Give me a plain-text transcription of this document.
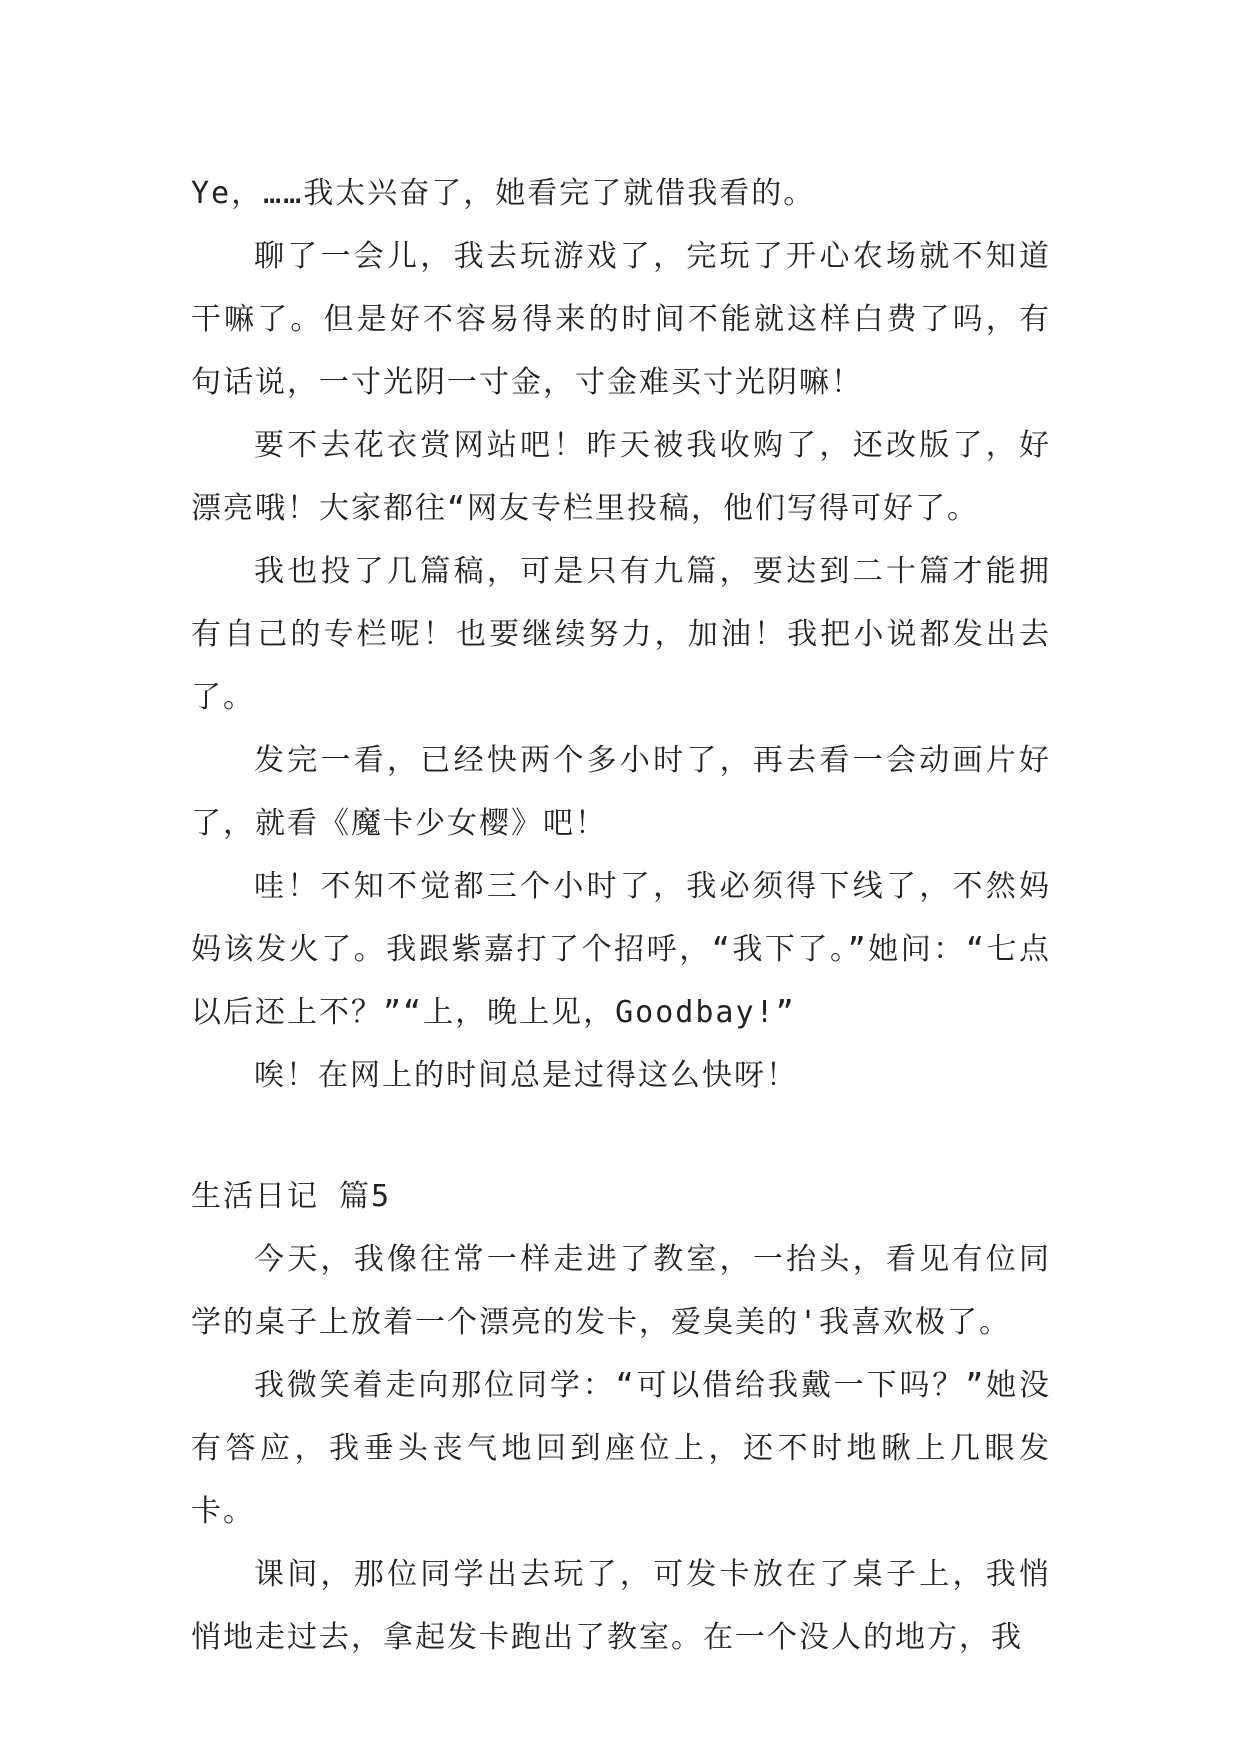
Ye，……我太兴奋了，她看完了就借我看的。

聊了一会儿，我去玩游戏了，完玩了开心农场就不知道干嘛了。但是好不容易得来的时间不能就这样白费了吗，有句话说，一寸光阴一寸金，寸金难买寸光阴嘛！

要不去花衣赏网站吧！昨天被我收购了，还改版了，好漂亮哦！大家都往“网友专栏里投稿，他们写得可好了。

我也投了几篇稿，可是只有九篇，要达到二十篇才能拥有自己的专栏呢！也要继续努力，加油！我把小说都发出去了。

发完一看，已经快两个多小时了，再去看一会动画片好了，就看《魔卡少女樱》吧！

哇！不知不觉都三个小时了，我必须得下线了，不然妈妈该发火了。我跟紫嘉打了个招呼，“我下了。”她问：“七点以后还上不？”“上，晚上见，Goodbay!”

唉！在网上的时间总是过得这么快呀！

生活日记 篇5

今天，我像往常一样走进了教室，一抬头，看见有位同学的桌子上放着一个漂亮的发卡，爱臭美的'我喜欢极了。

我微笑着走向那位同学：“可以借给我戴一下吗？”她没有答应，我垂头丧气地回到座位上，还不时地瞅上几眼发卡。

课间，那位同学出去玩了，可发卡放在了桌子上，我悄悄地走过去，拿起发卡跑出了教室。在一个没人的地方，我
